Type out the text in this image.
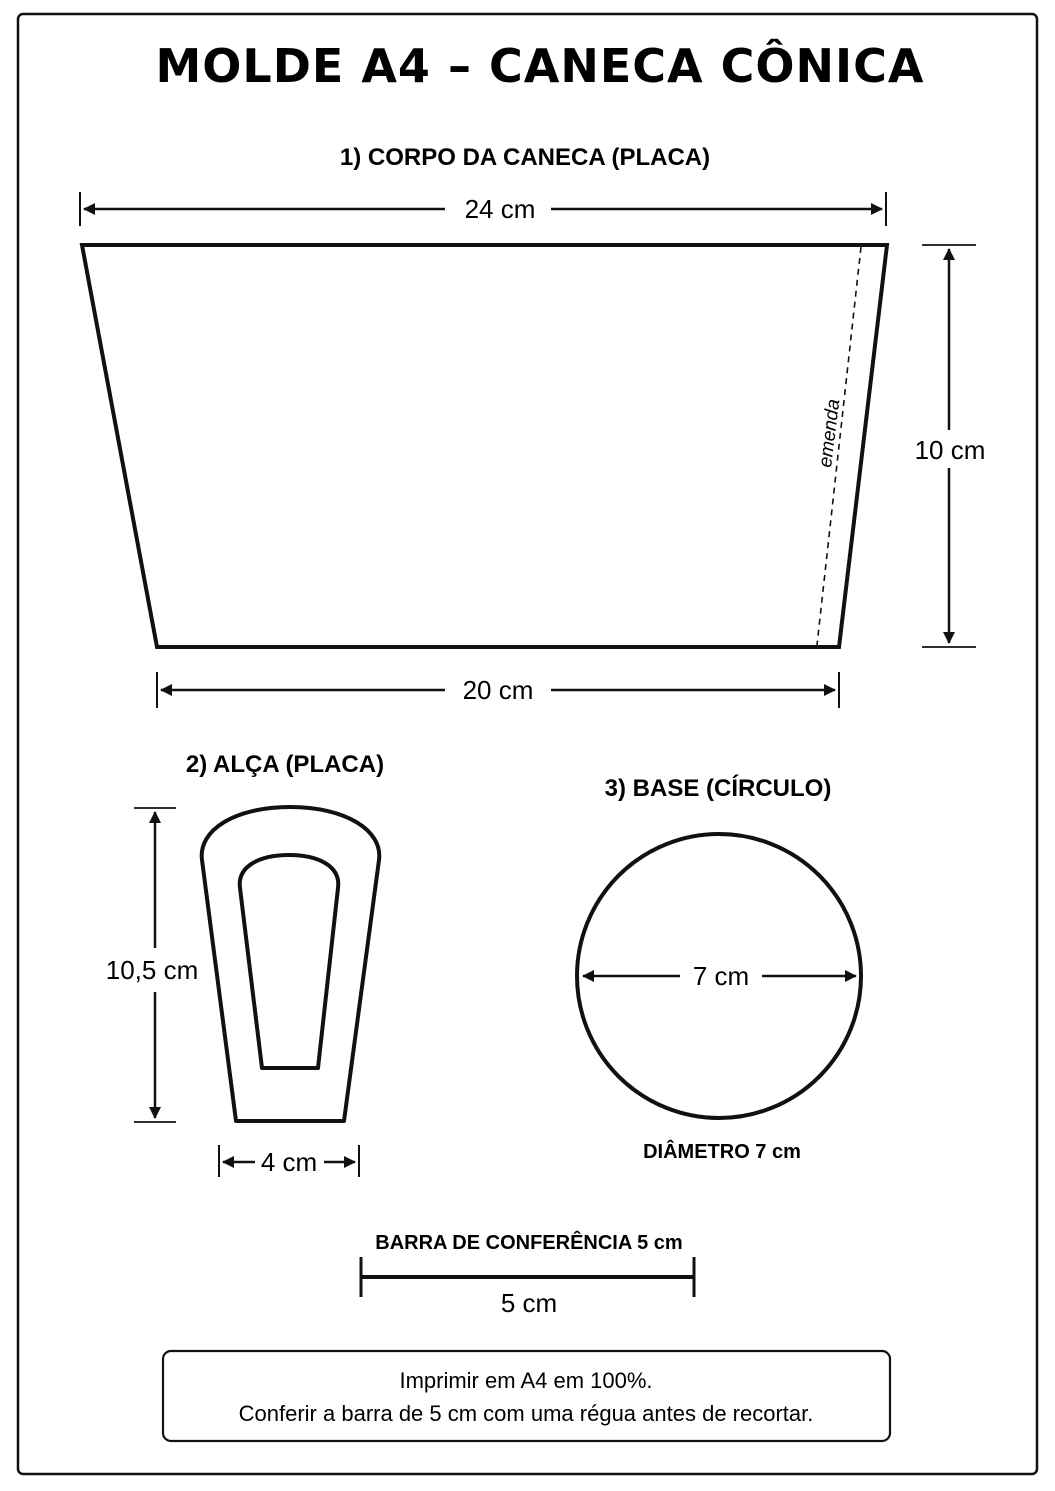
MOLDE A4 – CANECA CÔNICA
1) CORPO DA CANECA (PLACA)
24 cm
emenda	10 cm
20 cm
2) ALÇA (PLACA)
10,5 cm
4 cm
3) BASE (CÍRCULO)
7 cm
DIÂMETRO 7 cm
BARRA DE CONFERÊNCIA 5 cm
5 cm
Imprimir em A4 em 100%.
Conferir a barra de 5 cm com uma régua antes de recortar.
